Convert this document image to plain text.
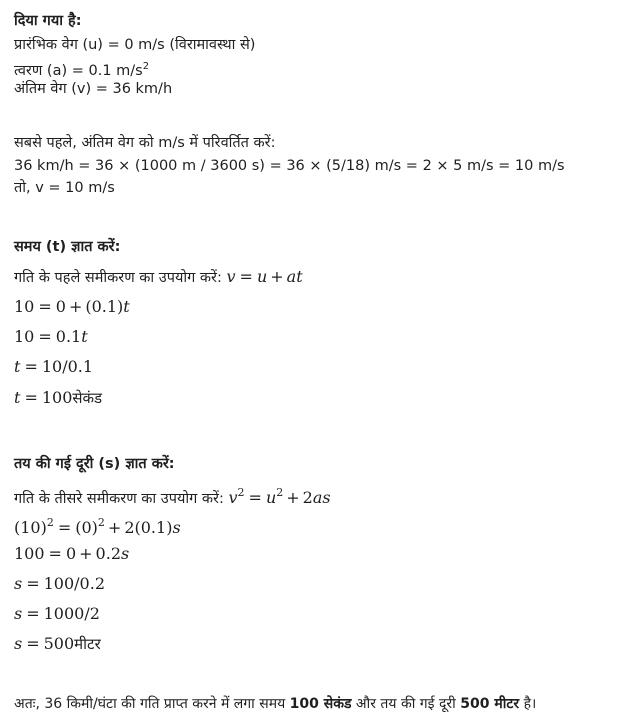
दिया गया है:
प्रारंभिक वेग (u) = 0 m/s (विरामावस्था से)
त्वरण (a) = 0.1 $m/s^2$
अंतिम वेग (v) = 36 km/h
सबसे पहले, अंतिम वेग को m/s में परिवर्तित करें:
36 km/h = 36 × (1000 m / 3600 s) = 36 × (5/18) m/s = 2 × 5 m/s = 10 m/s
तो, v = 10 m/s
समय (t) ज्ञात करें:
गति के पहले समीकरण का उपयोग करें: v = u + at
10 = 0 + (0.1)t
10 = 0.1t
t = 10/0.1
t = 100सेकंड
तय की गई दूरी (s) ज्ञात करें:
गति के तीसरे समीकरण का उपयोग करें: $v^2 = u^2 + 2as$
$(10)^2 = (0)^2 + 2(0.1)s$
100 = 0 + 0.2s
s = 100/0.2
s = 1000/2
s = 500मीटर
अतः, 36 किमी/घंटा की गति प्राप्त करने में लगा समय 100 सेकंड और तय की गई दूरी 500 मीटर है।
